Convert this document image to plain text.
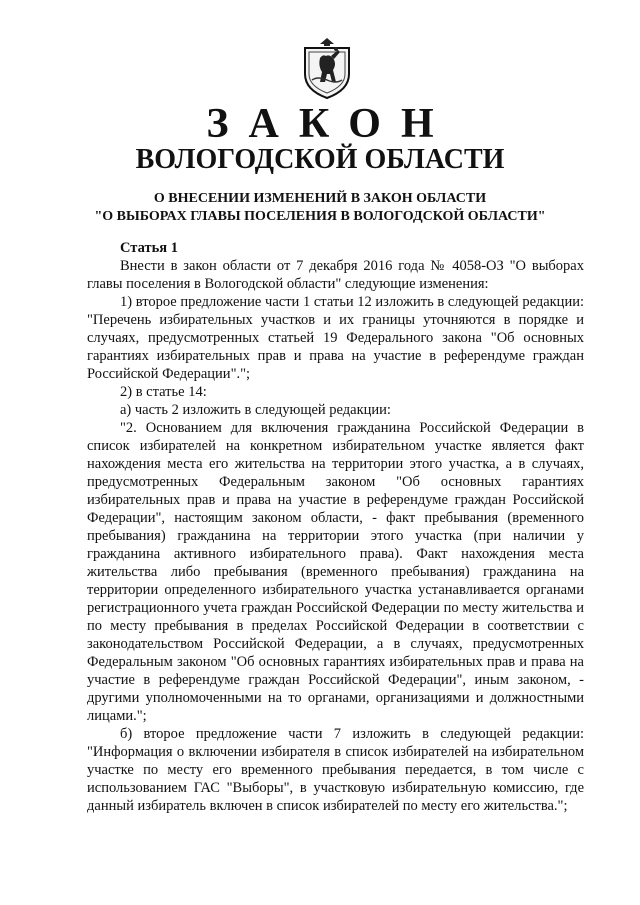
ЗАКОН
ВОЛОГОДСКОЙ ОБЛАСТИ
О ВНЕСЕНИИ ИЗМЕНЕНИЙ В ЗАКОН ОБЛАСТИ
"О ВЫБОРАХ ГЛАВЫ ПОСЕЛЕНИЯ В ВОЛОГОДСКОЙ ОБЛАСТИ"

Статья 1

Внести в закон области от 7 декабря 2016 года № 4058-ОЗ "О выборах главы поселения в Вологодской области" следующие изменения:

1) второе предложение части 1 статьи 12 изложить в следующей редакции: "Перечень избирательных участков и их границы уточняются в порядке и случаях, предусмотренных статьей 19 Федерального закона "Об основных гарантиях избирательных прав и права на участие в референдуме граждан Российской Федерации".";

2) в статье 14:

а) часть 2 изложить в следующей редакции:

"2. Основанием для включения гражданина Российской Федерации в список избирателей на конкретном избирательном участке является факт нахождения места его жительства на территории этого участка, а в случаях, предусмотренных Федеральным законом "Об основных гарантиях избирательных прав и права на участие в референдуме граждан Российской Федерации", настоящим законом области, - факт пребывания (временного пребывания) гражданина на территории этого участка (при наличии у гражданина активного избирательного права). Факт нахождения места жительства либо пребывания (временного пребывания) гражданина на территории определенного избирательного участка устанавливается органами регистрационного учета граждан Российской Федерации по месту жительства и по месту пребывания в пределах Российской Федерации в соответствии с законодательством Российской Федерации, а в случаях, предусмотренных Федеральным законом "Об основных гарантиях избирательных прав и права на участие в референдуме граждан Российской Федерации", иным законом, - другими уполномоченными на то органами, организациями и должностными лицами.";

б) второе предложение части 7 изложить в следующей редакции: "Информация о включении избирателя в список избирателей на избирательном участке по месту его временного пребывания передается, в том числе с использованием ГАС "Выборы", в участковую избирательную комиссию, где данный избиратель включен в список избирателей по месту его жительства.";
